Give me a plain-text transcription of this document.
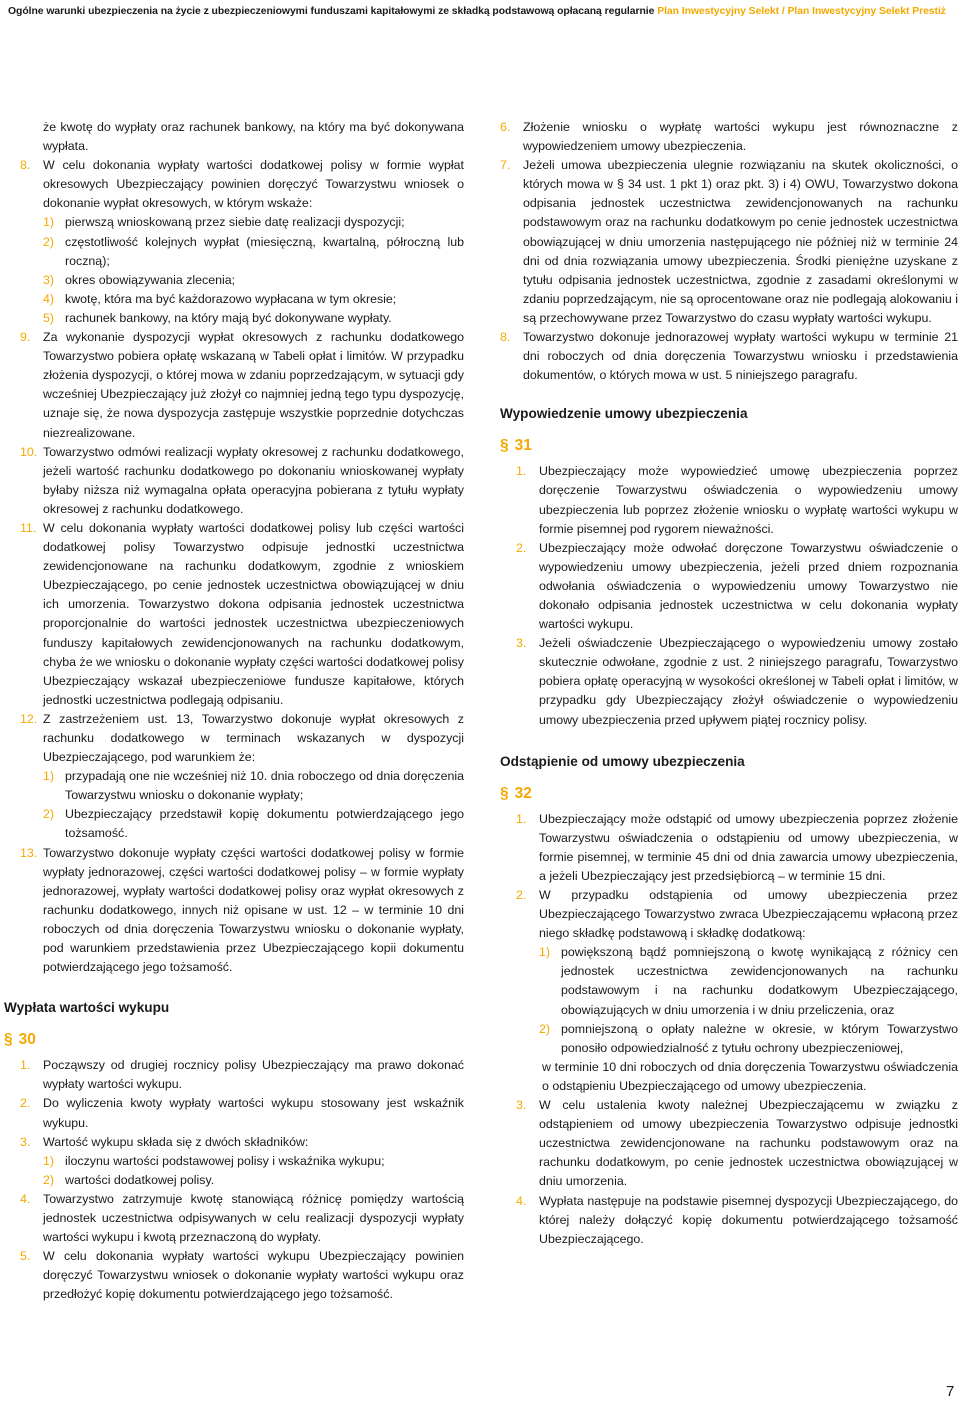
Ogólne warunki ubezpieczenia na życie z ubezpieczeniowymi funduszami kapitałowymi ze składką podstawową opłacaną regularnie Plan Inwestycyjny Selekt / Plan Inwestycyjny Selekt Prestiż
że kwotę do wypłaty oraz rachunek bankowy, na który ma być dokonywana wypłata.
8. W celu dokonania wypłaty wartości dodatkowej polisy w formie wypłat okresowych Ubezpieczający powinien doręczyć Towarzystwu wniosek o dokonanie wypłat okresowych, w którym wskaże:
1) pierwszą wnioskowaną przez siebie datę realizacji dyspozycji;
2) częstotliwość kolejnych wypłat (miesięczną, kwartalną, półroczną lub roczną);
3) okres obowiązywania zlecenia;
4) kwotę, która ma być każdorazowo wypłacana w tym okresie;
5) rachunek bankowy, na który mają być dokonywane wypłaty.
9. Za wykonanie dyspozycji wypłat okresowych z rachunku dodatkowego Towarzystwo pobiera opłatę wskazaną w Tabeli opłat i limitów. W przypadku złożenia dyspozycji, o której mowa w zdaniu poprzedzającym, w sytuacji gdy wcześniej Ubezpieczający już złożył co najmniej jedną tego typu dyspozycję, uznaje się, że nowa dyspozycja zastępuje wszystkie poprzednie dotychczas niezrealizowane.
10. Towarzystwo odmówi realizacji wypłaty okresowej z rachunku dodatkowego, jeżeli wartość rachunku dodatkowego po dokonaniu wnioskowanej wypłaty byłaby niższa niż wymagalna opłata operacyjna pobierana z tytułu wypłaty okresowej z rachunku dodatkowego.
11. W celu dokonania wypłaty wartości dodatkowej polisy lub części wartości dodatkowej polisy Towarzystwo odpisuje jednostki uczestnictwa zewidencjonowane na rachunku dodatkowym, zgodnie z wnioskiem Ubezpieczającego, po cenie jednostek uczestnictwa obowiązującej w dniu ich umorzenia. Towarzystwo dokona odpisania jednostek uczestnictwa proporcjonalnie do wartości jednostek uczestnictwa ubezpieczeniowych funduszy kapitałowych zewidencjonowanych na rachunku dodatkowym, chyba że we wniosku o dokonanie wypłaty części wartości dodatkowej polisy Ubezpieczający wskazał ubezpieczeniowe fundusze kapitałowe, których jednostki uczestnictwa podlegają odpisaniu.
12. Z zastrzeżeniem ust. 13, Towarzystwo dokonuje wypłat okresowych z rachunku dodatkowego w terminach wskazanych w dyspozycji Ubezpieczającego, pod warunkiem że:
1) przypadają one nie wcześniej niż 10. dnia roboczego od dnia doręczenia Towarzystwu wniosku o dokonanie wypłaty;
2) Ubezpieczający przedstawił kopię dokumentu potwierdzającego jego tożsamość.
13. Towarzystwo dokonuje wypłaty części wartości dodatkowej polisy w formie wypłaty jednorazowej, części wartości dodatkowej polisy – w formie wypłaty jednorazowej, wypłaty wartości dodatkowej polisy oraz wypłat okresowych z rachunku dodatkowego, innych niż opisane w ust. 12 – w terminie 10 dni roboczych od dnia doręczenia Towarzystwu wniosku o dokonanie wypłaty, pod warunkiem przedstawienia przez Ubezpieczającego kopii dokumentu potwierdzającego jego tożsamość.
Wypłata wartości wykupu
§ 30
1. Począwszy od drugiej rocznicy polisy Ubezpieczający ma prawo dokonać wypłaty wartości wykupu.
2. Do wyliczenia kwoty wypłaty wartości wykupu stosowany jest wskaźnik wykupu.
3. Wartość wykupu składa się z dwóch składników:
1) iloczynu wartości podstawowej polisy i wskaźnika wykupu;
2) wartości dodatkowej polisy.
4. Towarzystwo zatrzymuje kwotę stanowiącą różnicę pomiędzy wartością jednostek uczestnictwa odpisywanych w celu realizacji dyspozycji wypłaty wartości wykupu i kwotą przeznaczoną do wypłaty.
5. W celu dokonania wypłaty wartości wykupu Ubezpieczający powinien doręczyć Towarzystwu wniosek o dokonanie wypłaty wartości wykupu oraz przedłożyć kopię dokumentu potwierdzającego jego tożsamość.
6. Złożenie wniosku o wypłatę wartości wykupu jest równoznaczne z wypowiedzeniem umowy ubezpieczenia.
7. Jeżeli umowa ubezpieczenia ulegnie rozwiązaniu na skutek okoliczności, o których mowa w § 34 ust. 1 pkt 1) oraz pkt. 3) i 4) OWU, Towarzystwo dokona odpisania jednostek uczestnictwa zewidencjonowanych na rachunku podstawowym oraz na rachunku dodatkowym po cenie jednostek uczestnictwa obowiązującej w dniu umorzenia następującego nie później niż w terminie 24 dni od dnia rozwiązania umowy ubezpieczenia. Środki pieniężne uzyskane z tytułu odpisania jednostek uczestnictwa, zgodnie z zasadami określonymi w zdaniu poprzedzającym, nie są oprocentowane oraz nie podlegają alokowaniu i są przechowywane przez Towarzystwo do czasu wypłaty wartości wykupu.
8. Towarzystwo dokonuje jednorazowej wypłaty wartości wykupu w terminie 21 dni roboczych od dnia doręczenia Towarzystwu wniosku i przedstawienia dokumentów, o których mowa w ust. 5 niniejszego paragrafu.
Wypowiedzenie umowy ubezpieczenia
§ 31
1. Ubezpieczający może wypowiedzieć umowę ubezpieczenia poprzez doręczenie Towarzystwu oświadczenia o wypowiedzeniu umowy ubezpieczenia lub poprzez złożenie wniosku o wypłatę wartości wykupu w formie pisemnej pod rygorem nieważności.
2. Ubezpieczający może odwołać doręczone Towarzystwu oświadczenie o wypowiedzeniu umowy ubezpieczenia, jeżeli przed dniem rozpoznania odwołania oświadczenia o wypowiedzeniu umowy Towarzystwo nie dokonało odpisania jednostek uczestnictwa w celu dokonania wypłaty wartości wykupu.
3. Jeżeli oświadczenie Ubezpieczającego o wypowiedzeniu umowy zostało skutecznie odwołane, zgodnie z ust. 2 niniejszego paragrafu, Towarzystwo pobiera opłatę operacyjną w wysokości określonej w Tabeli opłat i limitów, w przypadku gdy Ubezpieczający złożył oświadczenie o wypowiedzeniu umowy ubezpieczenia przed upływem piątej rocznicy polisy.
Odstąpienie od umowy ubezpieczenia
§ 32
1. Ubezpieczający może odstąpić od umowy ubezpieczenia poprzez złożenie Towarzystwu oświadczenia o odstąpieniu od umowy ubezpieczenia, w formie pisemnej, w terminie 45 dni od dnia zawarcia umowy ubezpieczenia, a jeżeli Ubezpieczający jest przedsiębiorcą – w terminie 15 dni.
2. W przypadku odstąpienia od umowy ubezpieczenia przez Ubezpieczającego Towarzystwo zwraca Ubezpieczającemu wpłaconą przez niego składkę podstawową i składkę dodatkową:
1) powiększoną bądź pomniejszoną o kwotę wynikającą z różnicy cen jednostek uczestnictwa zewidencjonowanych na rachunku podstawowym i na rachunku dodatkowym Ubezpieczającego, obowiązujących w dniu umorzenia i w dniu przeliczenia, oraz
2) pomniejszoną o opłaty należne w okresie, w którym Towarzystwo ponosiło odpowiedzialność z tytułu ochrony ubezpieczeniowej,
w terminie 10 dni roboczych od dnia doręczenia Towarzystwu oświadczenia o odstąpieniu Ubezpieczającego od umowy ubezpieczenia.
3. W celu ustalenia kwoty należnej Ubezpieczającemu w związku z odstąpieniem od umowy ubezpieczenia Towarzystwo odpisuje jednostki uczestnictwa zewidencjonowane na rachunku podstawowym oraz na rachunku dodatkowym, po cenie jednostek uczestnictwa obowiązującej w dniu umorzenia.
4. Wypłata następuje na podstawie pisemnej dyspozycji Ubezpieczającego, do której należy dołączyć kopię dokumentu potwierdzającego tożsamość Ubezpieczającego.
7
